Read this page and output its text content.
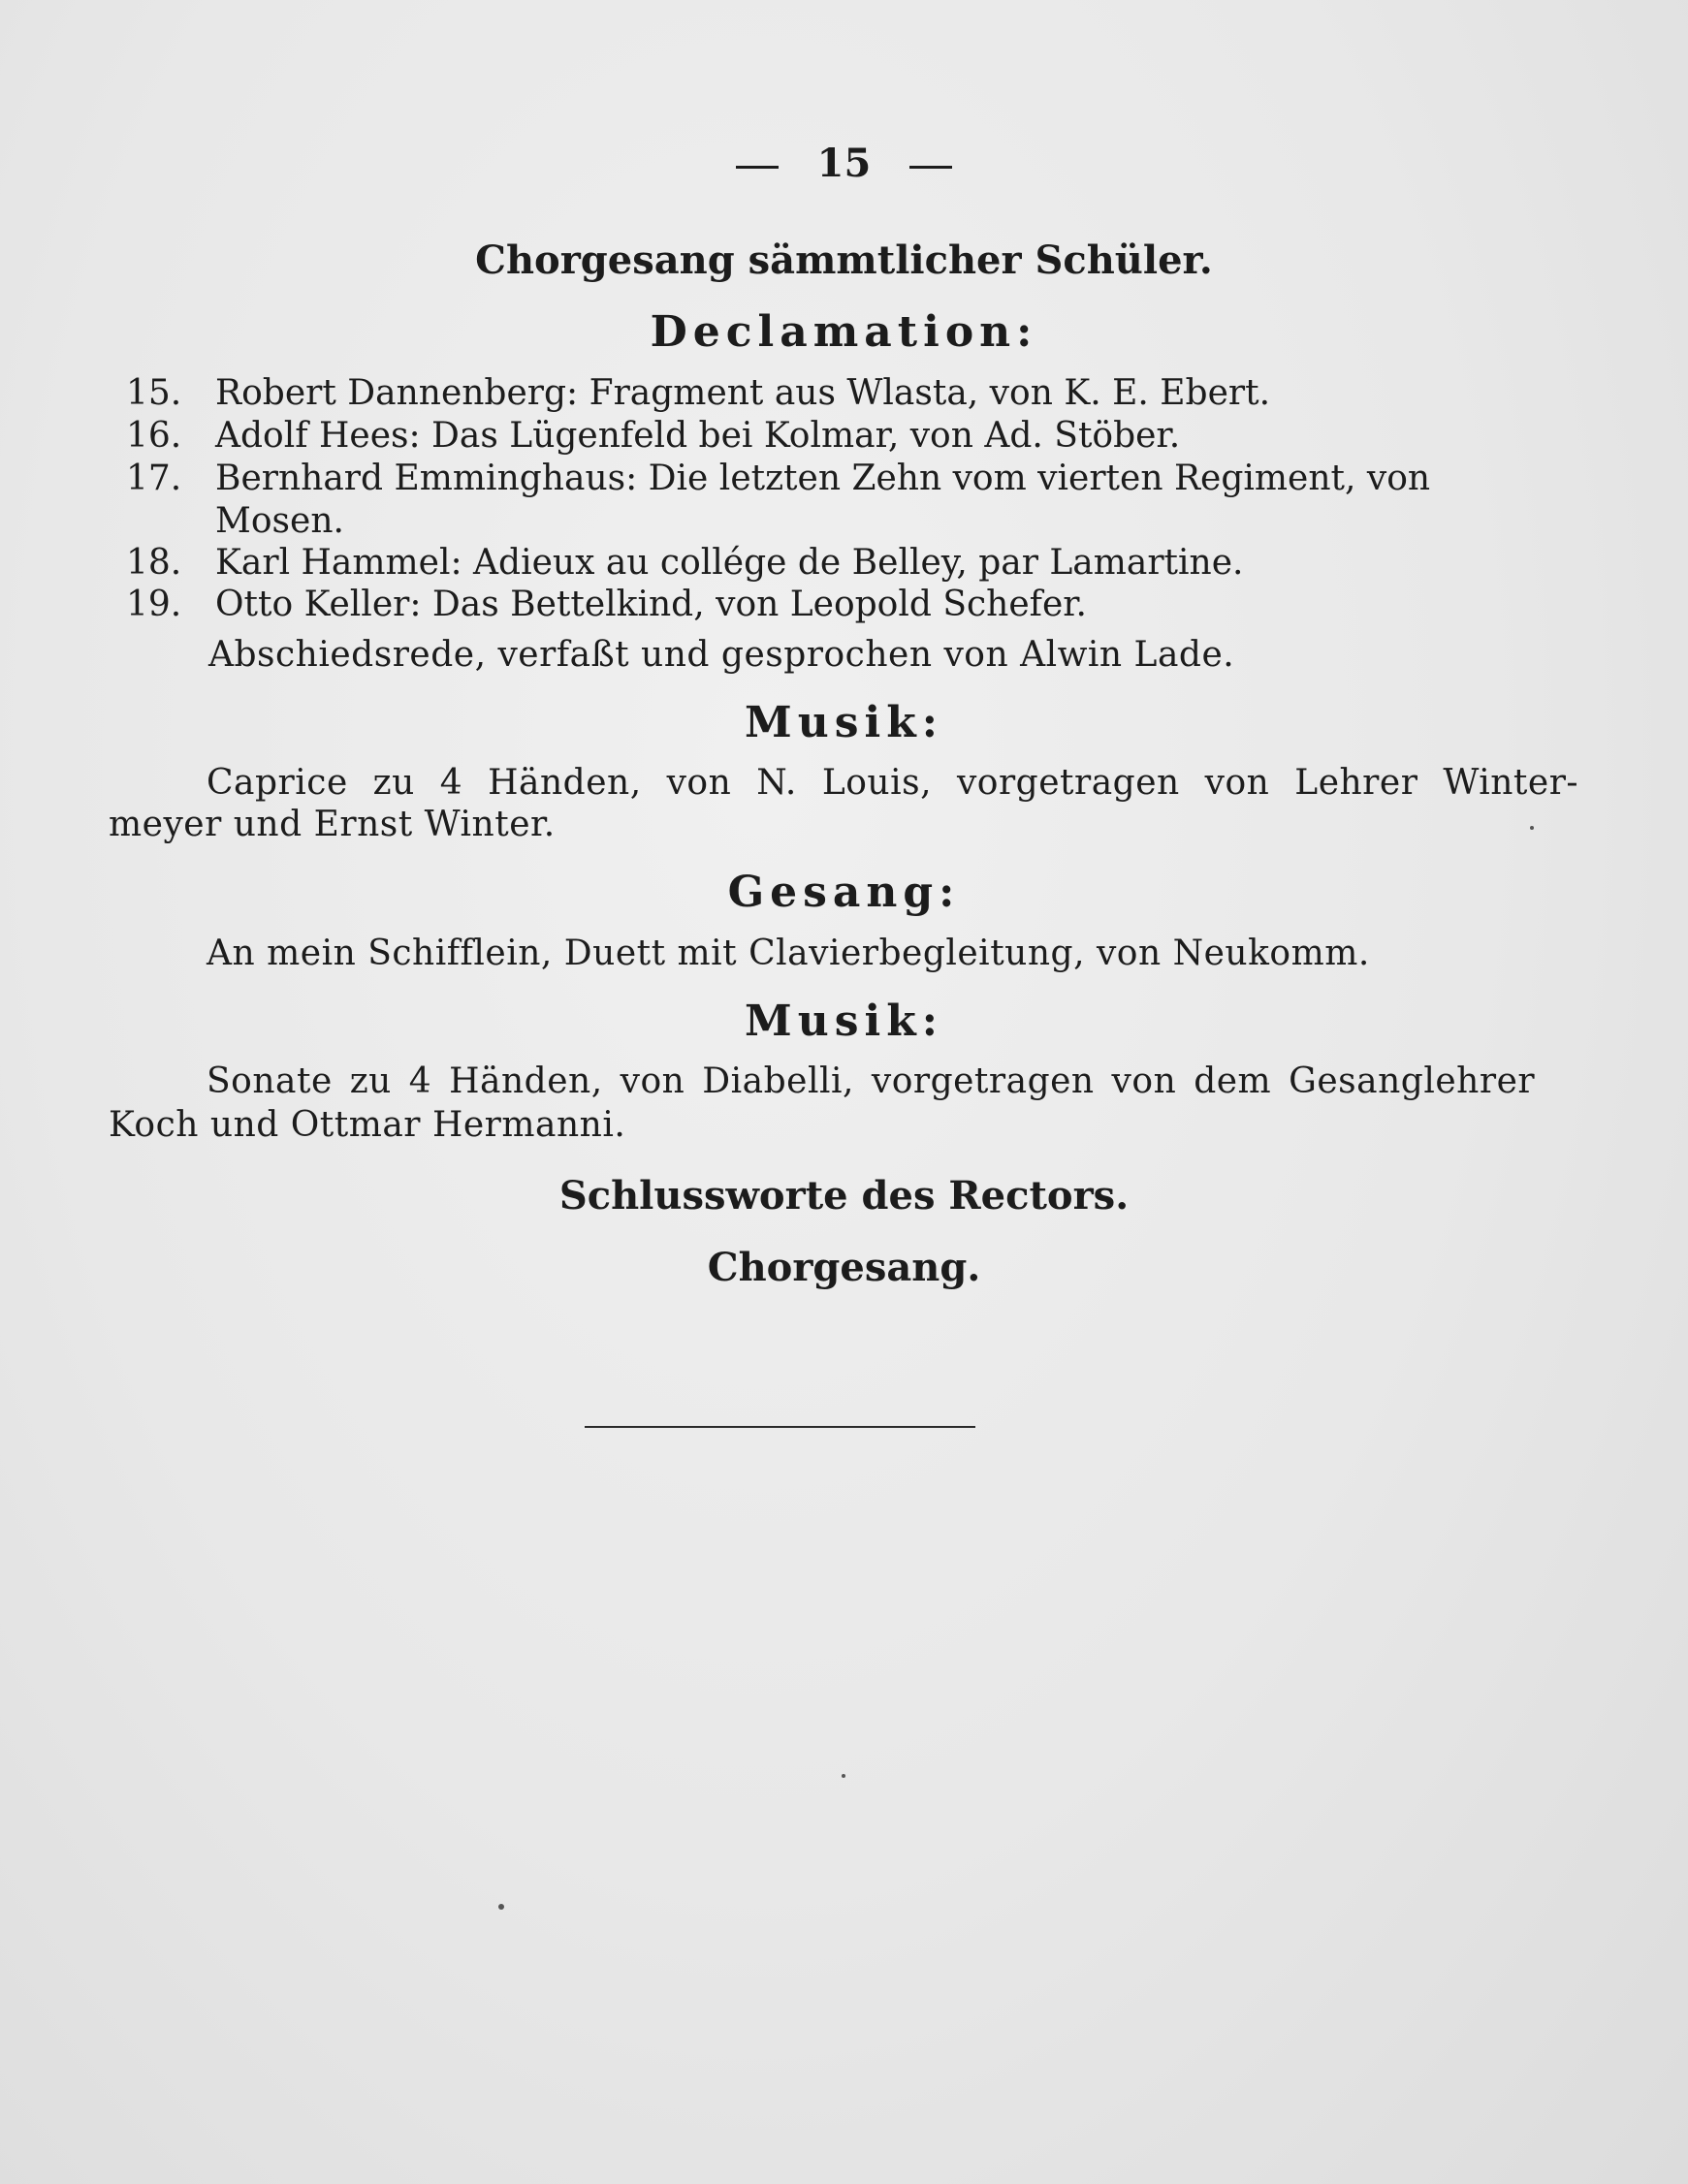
15
Chorgesang sämmtlicher Schüler.
Declamation:
15. Robert Dannenberg: Fragment aus Wlasta, von K. E. Ebert.
16. Adolf Hees: Das Lügenfeld bei Kolmar, von Ad. Stöber.
17. Bernhard Emminghaus: Die letzten Zehn vom vierten Regiment, von
Mosen.
18. Karl Hammel: Adieux au collége de Belley, par Lamartine.
19. Otto Keller: Das Bettelkind, von Leopold Schefer.
Abschiedsrede, verfaßt und gesprochen von Alwin Lade.
Musik:
Caprice zu 4 Händen, von N. Louis, vorgetragen von Lehrer Winter-
meyer und Ernst Winter.
Gesang:
An mein Schifflein, Duett mit Clavierbegleitung, von Neukomm.
Musik:
Sonate zu 4 Händen, von Diabelli, vorgetragen von dem Gesanglehrer
Koch und Ottmar Hermanni.
Schlussworte des Rectors.
Chorgesang.
